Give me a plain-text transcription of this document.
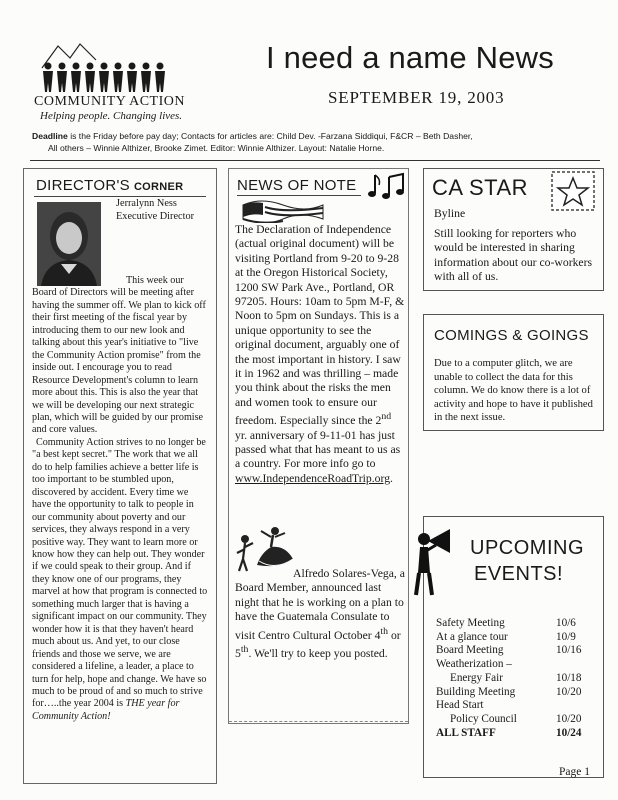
COMMUNITY ACTION
Helping people. Changing lives.
I need a name News
SEPTEMBER 19, 2003
Deadline is the Friday before pay day; Contacts for articles are: Child Dev. -Farzana Siddiqui, F&CR – Beth Dasher,
All others – Winnie Althizer, Brooke Zimet. Editor: Winnie Althizer. Layout: Natalie Horne.
DIRECTOR'S CORNER
Jerralynn Ness
Executive Director

This week our Board of Directors will be meeting after having the summer off. We plan to kick off their first meeting of the fiscal year by introducing them to our new look and talking about this year's initiative to "live the Community Action promise" from the inside out. I encourage you to read Resource Development's column to learn more about this. This is also the year that we will be developing our next strategic plan, which will be guided by our promise and core values.

Community Action strives to no longer be "a best kept secret." The work that we all do to help families achieve a better life is too important to be stumbled upon, discovered by accident. Every time we have the opportunity to talk to people in our community about poverty and our services, they always respond in a very positive way. They want to learn more or know how they can help out. They wonder if we could speak to their group. And if they know one of our programs, they marvel at how that program is connected to something much larger that is having a significant impact on our community. They wonder how it is that they haven't heard much about us. And yet, to our close friends and those we serve, we are considered a lifeline, a leader, a place to turn for help, hope and change. We have so much to be proud of and so much to strive for…..the year 2004 is THE year for Community Action!

NEWS OF NOTE
The Declaration of Independence (actual original document) will be visiting Portland from 9-20 to 9-28 at the Oregon Historical Society, 1200 SW Park Ave., Portland, OR 97205. Hours: 10am to 5pm M-F, & Noon to 5pm on Sundays. This is a unique opportunity to see the original document, arguably one of the most important in history. I saw it in 1962 and was thrilling – made you think about the risks the men and women took to ensure our freedom. Especially since the 2nd yr. anniversary of 9-11-01 has just passed what that has meant to us as a country. For more info go to www.IndependenceRoadTrip.org.
Alfredo Solares-Vega, a Board Member, announced last night that he is working on a plan to have the Guatemala Consulate to visit Centro Cultural October 4th or 5th. We'll try to keep you posted.
CA STAR
Byline
Still looking for reporters who would be interested in sharing information about our co-workers with all of us.
COMINGS & GOINGS
Due to a computer glitch, we are unable to collect the data for this column. We do know there is a lot of activity and hope to have it published in the next issue.
UPCOMING
EVENTS!
Safety Meeting	10/6
At a glance tour	10/9
Board Meeting	10/16
Weatherization –	
Energy Fair	10/18
Building Meeting	10/20
Head Start	
Policy Council	10/20
ALL STAFF	10/24
Page 1
